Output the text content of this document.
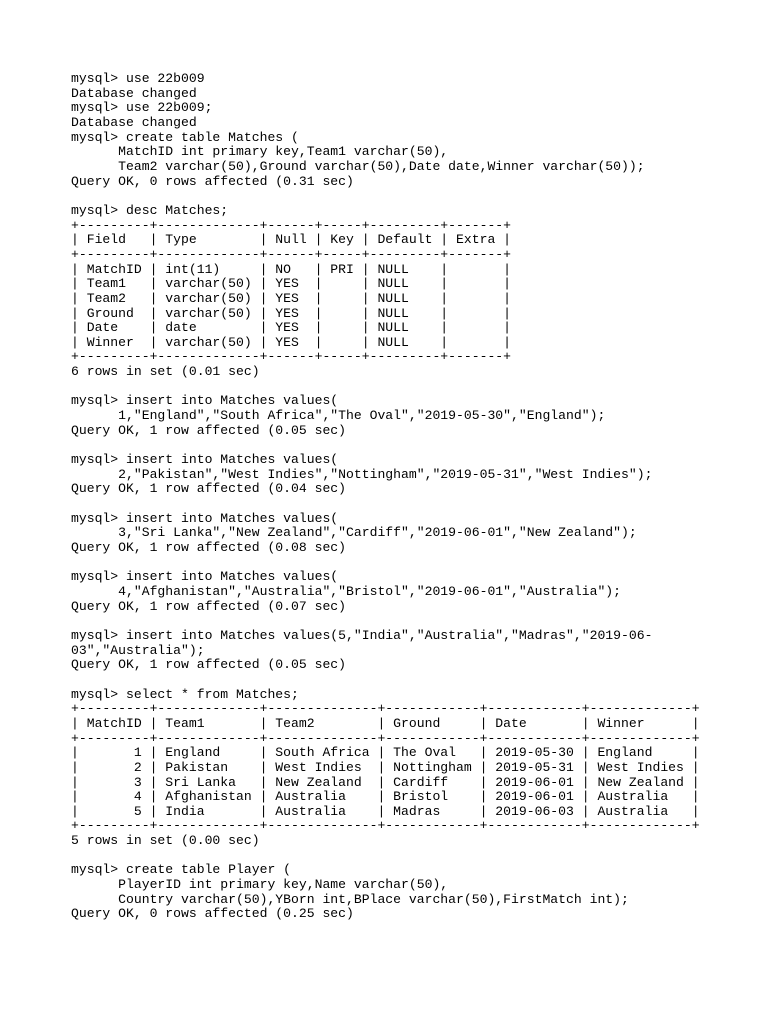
mysql> use 22b009
Database changed
mysql> use 22b009;
Database changed
mysql> create table Matches (
MatchID int primary key,Team1 varchar(50),
Team2 varchar(50),Ground varchar(50),Date date,Winner varchar(50));
Query OK, 0 rows affected (0.31 sec)
mysql> desc Matches;
+---------+-------------+------+-----+---------+-------+
| Field   | Type        | Null | Key | Default | Extra |
+---------+-------------+------+-----+---------+-------+
| MatchID | int(11)     | NO   | PRI | NULL    |       |
| Team1   | varchar(50) | YES  |     | NULL    |       |
| Team2   | varchar(50) | YES  |     | NULL    |       |
| Ground  | varchar(50) | YES  |     | NULL    |       |
| Date    | date        | YES  |     | NULL    |       |
| Winner  | varchar(50) | YES  |     | NULL    |       |
+---------+-------------+------+-----+---------+-------+
6 rows in set (0.01 sec)
mysql> insert into Matches values(
1,"England","South Africa","The Oval","2019-05-30","England");
Query OK, 1 row affected (0.05 sec)
mysql> insert into Matches values(
2,"Pakistan","West Indies","Nottingham","2019-05-31","West Indies");
Query OK, 1 row affected (0.04 sec)
mysql> insert into Matches values(
3,"Sri Lanka","New Zealand","Cardiff","2019-06-01","New Zealand");
Query OK, 1 row affected (0.08 sec)
mysql> insert into Matches values(
4,"Afghanistan","Australia","Bristol","2019-06-01","Australia");
Query OK, 1 row affected (0.07 sec)
mysql> insert into Matches values(5,"India","Australia","Madras","2019-06-
03","Australia");
Query OK, 1 row affected (0.05 sec)
mysql> select * from Matches;
+---------+-------------+--------------+------------+------------+-------------+
| MatchID | Team1       | Team2        | Ground     | Date       | Winner      |
+---------+-------------+--------------+------------+------------+-------------+
|       1 | England     | South Africa | The Oval   | 2019-05-30 | England     |
|       2 | Pakistan    | West Indies  | Nottingham | 2019-05-31 | West Indies |
|       3 | Sri Lanka   | New Zealand  | Cardiff    | 2019-06-01 | New Zealand |
|       4 | Afghanistan | Australia    | Bristol    | 2019-06-01 | Australia   |
|       5 | India       | Australia    | Madras     | 2019-06-03 | Australia   |
+---------+-------------+--------------+------------+------------+-------------+
5 rows in set (0.00 sec)
mysql> create table Player (
PlayerID int primary key,Name varchar(50),
Country varchar(50),YBorn int,BPlace varchar(50),FirstMatch int);
Query OK, 0 rows affected (0.25 sec)
